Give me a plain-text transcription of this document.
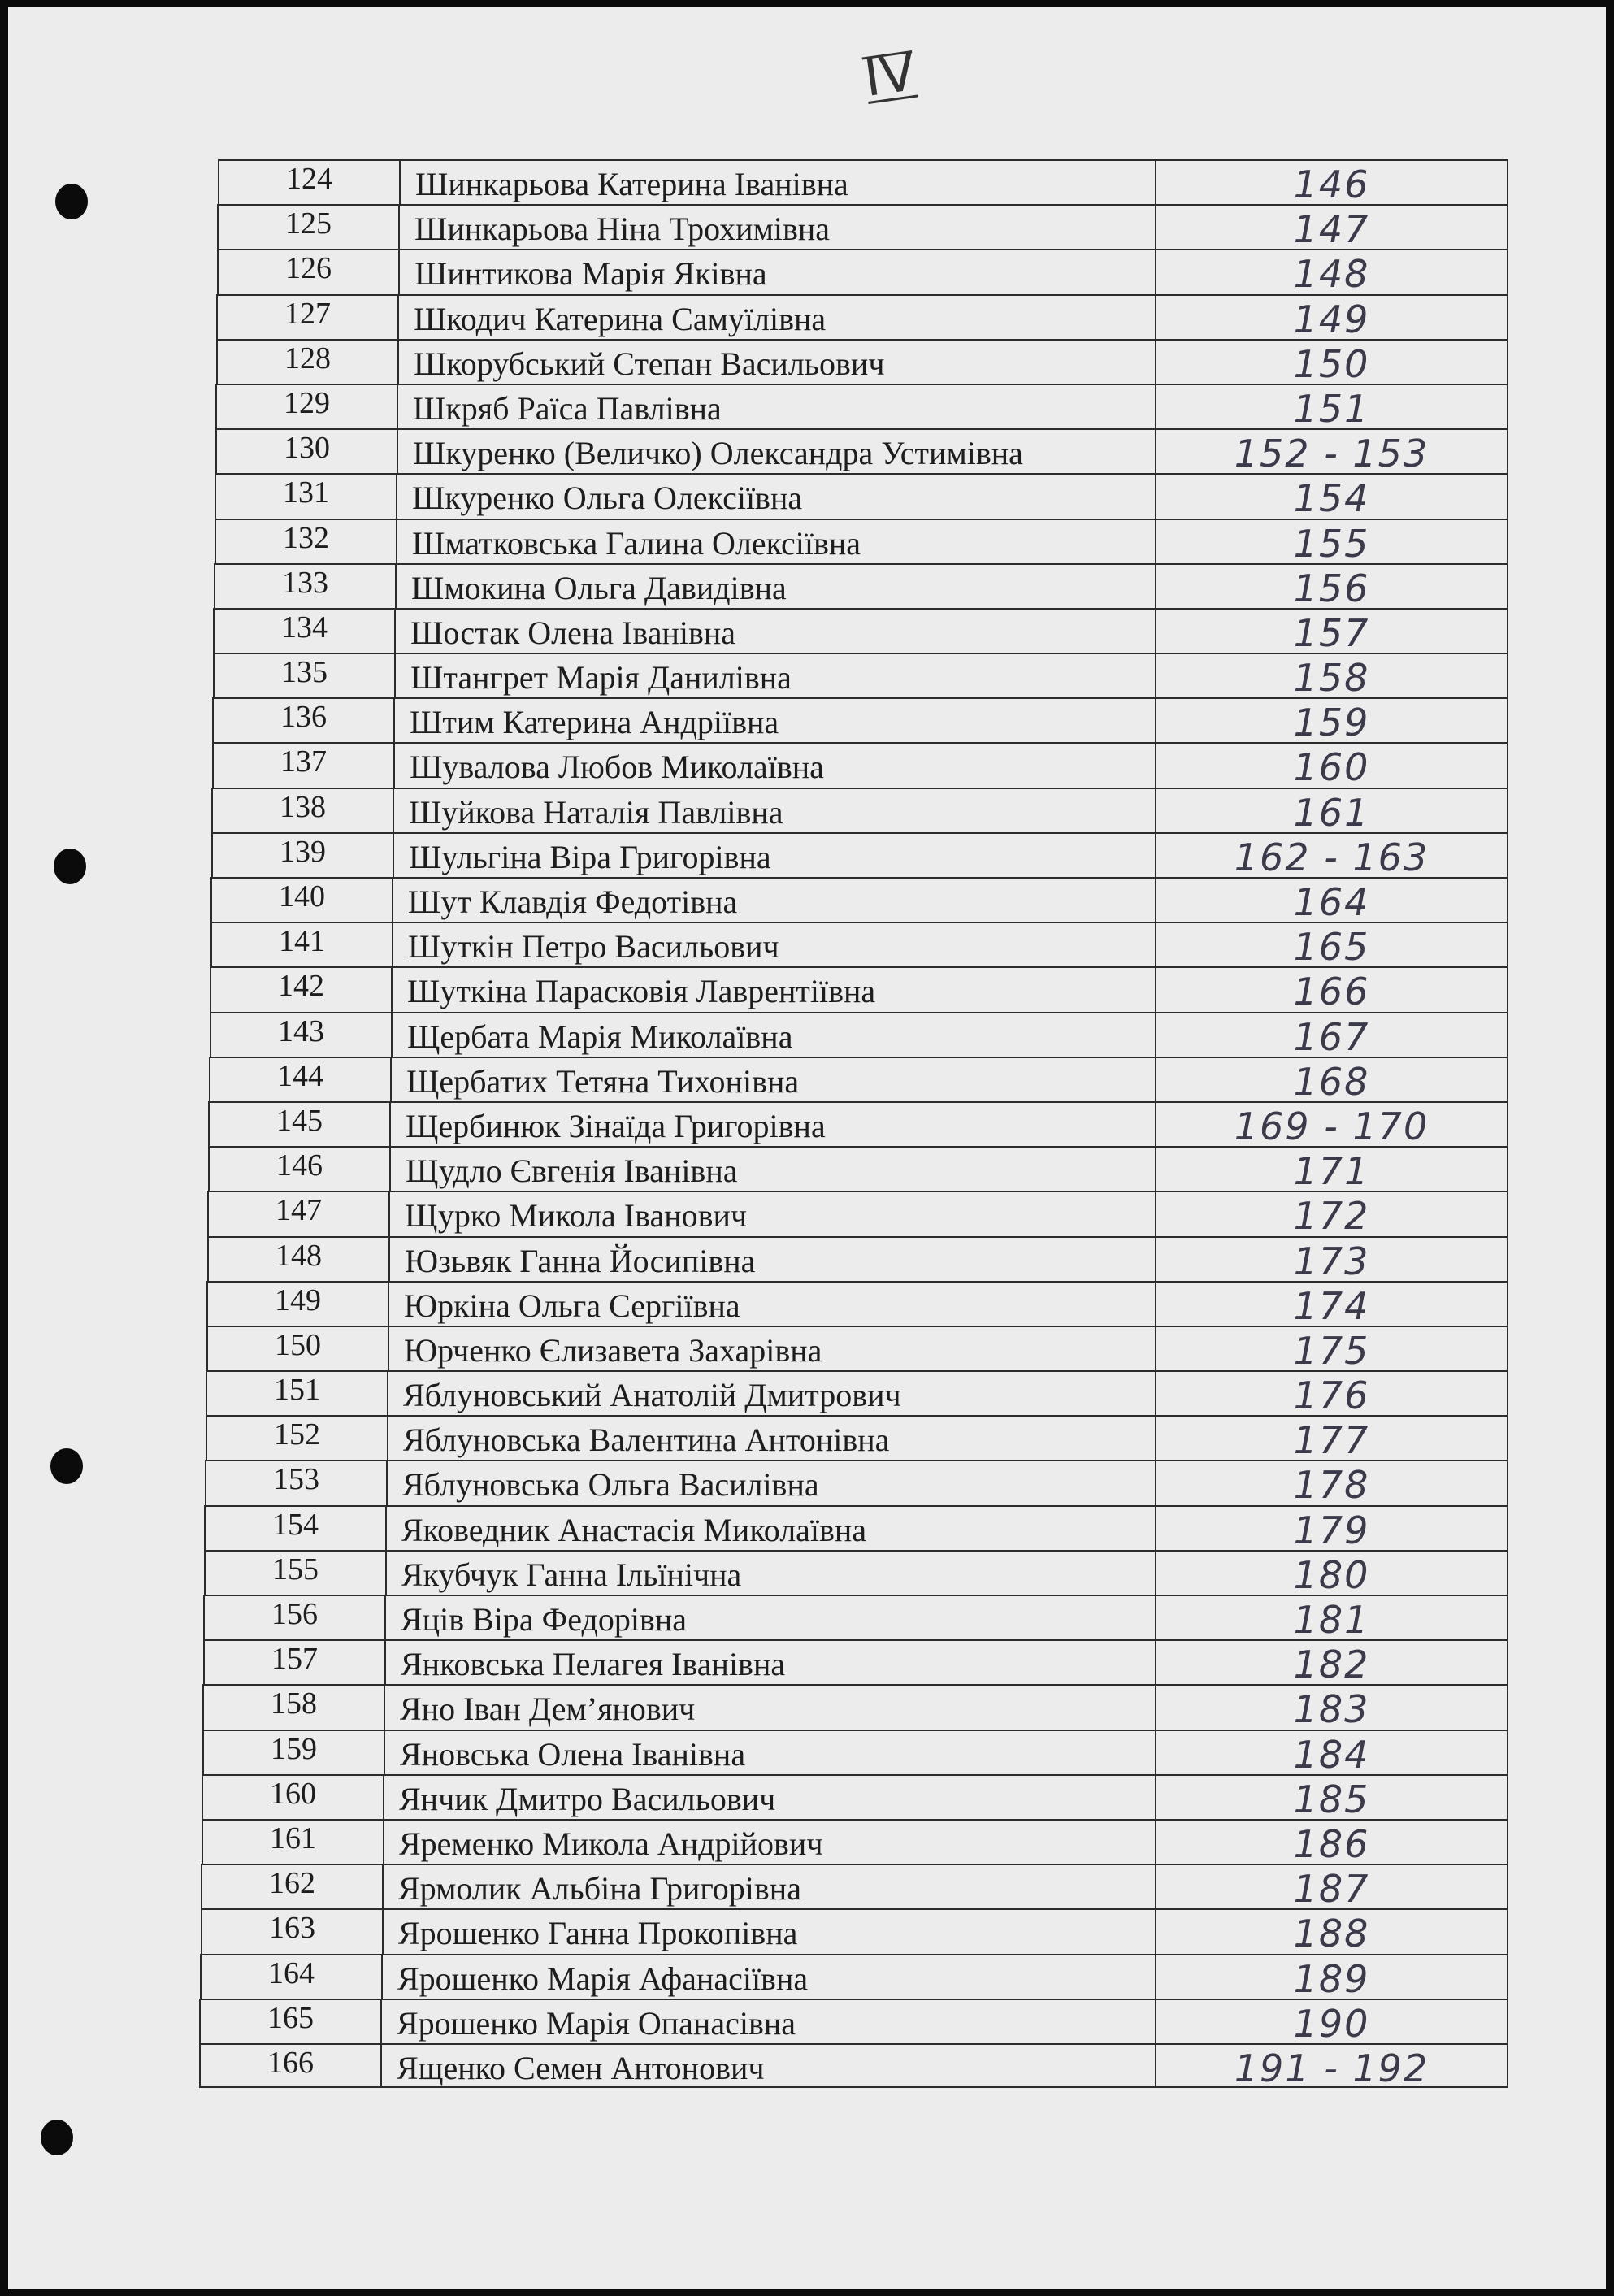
IV
124	Шинкарьова Катерина Іванівна	146
125	Шинкарьова Ніна Трохимівна	147
126	Шинтикова Марія Яківна	148
127	Шкодич Катерина Самуїлівна	149
128	Шкорубський Степан Васильович	150
129	Шкряб Раїса Павлівна	151
130	Шкуренко (Величко) Олександра Устимівна	152 - 153
131	Шкуренко Ольга Олексіївна	154
132	Шматковська Галина Олексіївна	155
133	Шмокина Ольга Давидівна	156
134	Шостак Олена Іванівна	157
135	Штангрет Марія Данилівна	158
136	Штим Катерина Андріївна	159
137	Шувалова Любов Миколаївна	160
138	Шуйкова Наталія Павлівна	161
139	Шульгіна Віра Григорівна	162 - 163
140	Шут Клавдія Федотівна	164
141	Шуткін Петро Васильович	165
142	Шуткіна Парасковія Лаврентіївна	166
143	Щербата Марія Миколаївна	167
144	Щербатих Тетяна Тихонівна	168
145	Щербинюк Зінаїда Григорівна	169 - 170
146	Щудло Євгенія Іванівна	171
147	Щурко Микола Іванович	172
148	Юзьвяк Ганна Йосипівна	173
149	Юркіна Ольга Сергіївна	174
150	Юрченко Єлизавета Захарівна	175
151	Яблуновський Анатолій Дмитрович	176
152	Яблуновська Валентина Антонівна	177
153	Яблуновська Ольга Василівна	178
154	Яковедник Анастасія Миколаївна	179
155	Якубчук Ганна Ільїнічна	180
156	Яців Віра Федорівна	181
157	Янковська Пелагея Іванівна	182
158	Яно Іван Дем’янович	183
159	Яновська Олена Іванівна	184
160	Янчик Дмитро Васильович	185
161	Яременко Микола Андрійович	186
162	Ярмолик Альбіна Григорівна	187
163	Ярошенко Ганна Прокопівна	188
164	Ярошенко Марія Афанасіївна	189
165	Ярошенко Марія Опанасівна	190
166	Ященко Семен Антонович	191 - 192
